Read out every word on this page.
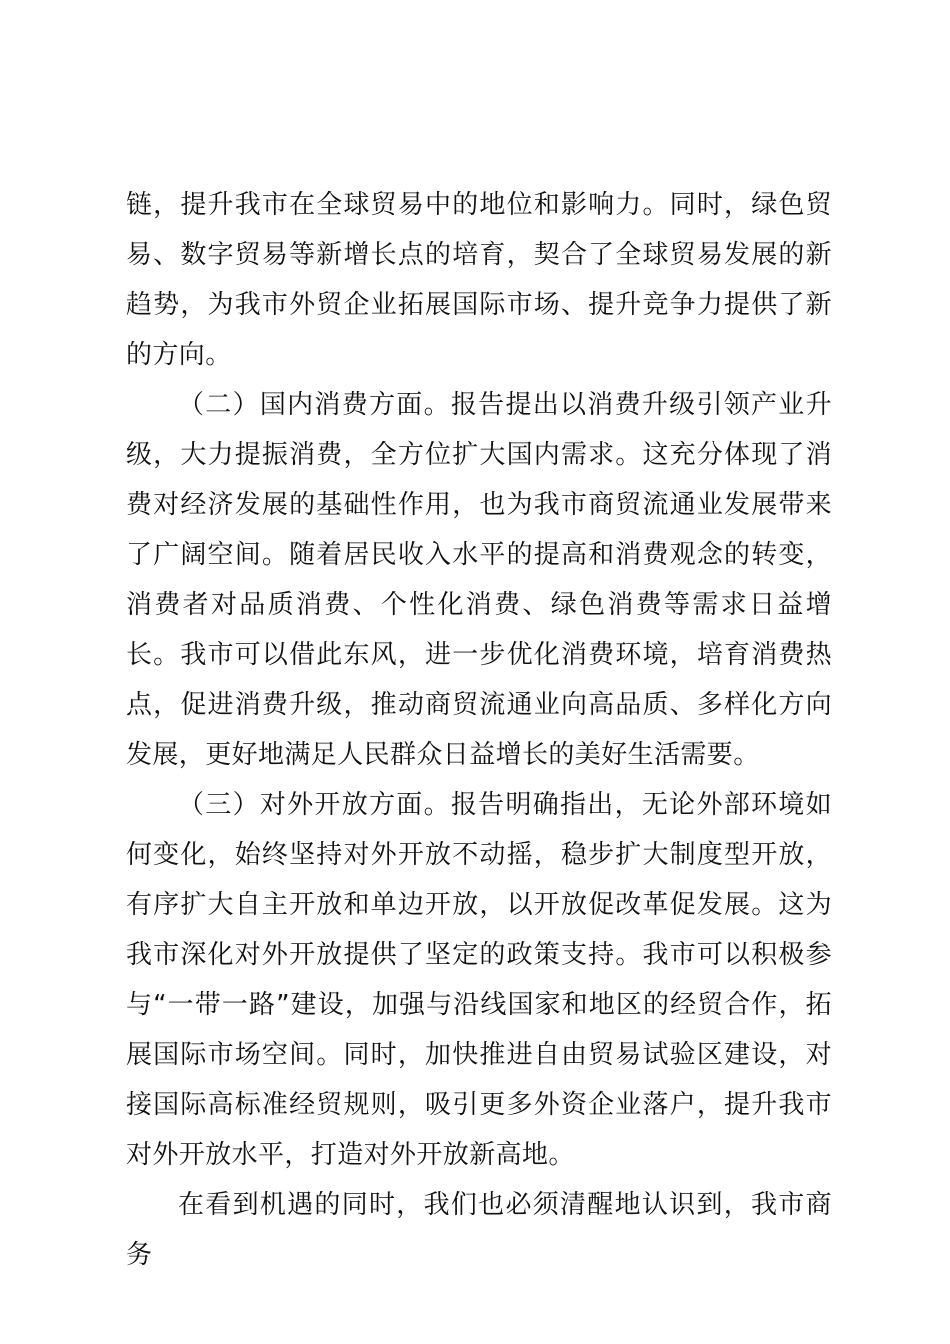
链，提升我市在全球贸易中的地位和影响力。同时，绿色贸易、数字贸易等新增长点的培育，契合了全球贸易发展的新趋势，为我市外贸企业拓展国际市场、提升竞争力提供了新的方向。

（二）国内消费方面。报告提出以消费升级引领产业升级，大力提振消费，全方位扩大国内需求。这充分体现了消费对经济发展的基础性作用，也为我市商贸流通业发展带来了广阔空间。随着居民收入水平的提高和消费观念的转变，消费者对品质消费、个性化消费、绿色消费等需求日益增长。我市可以借此东风，进一步优化消费环境，培育消费热点，促进消费升级，推动商贸流通业向高品质、多样化方向发展，更好地满足人民群众日益增长的美好生活需要。

（三）对外开放方面。报告明确指出，无论外部环境如何变化，始终坚持对外开放不动摇，稳步扩大制度型开放，有序扩大自主开放和单边开放，以开放促改革促发展。这为我市深化对外开放提供了坚定的政策支持。我市可以积极参与“一带一路”建设，加强与沿线国家和地区的经贸合作，拓展国际市场空间。同时，加快推进自由贸易试验区建设，对接国际高标准经贸规则，吸引更多外资企业落户，提升我市对外开放水平，打造对外开放新高地。

在看到机遇的同时，我们也必须清醒地认识到，我市商务
